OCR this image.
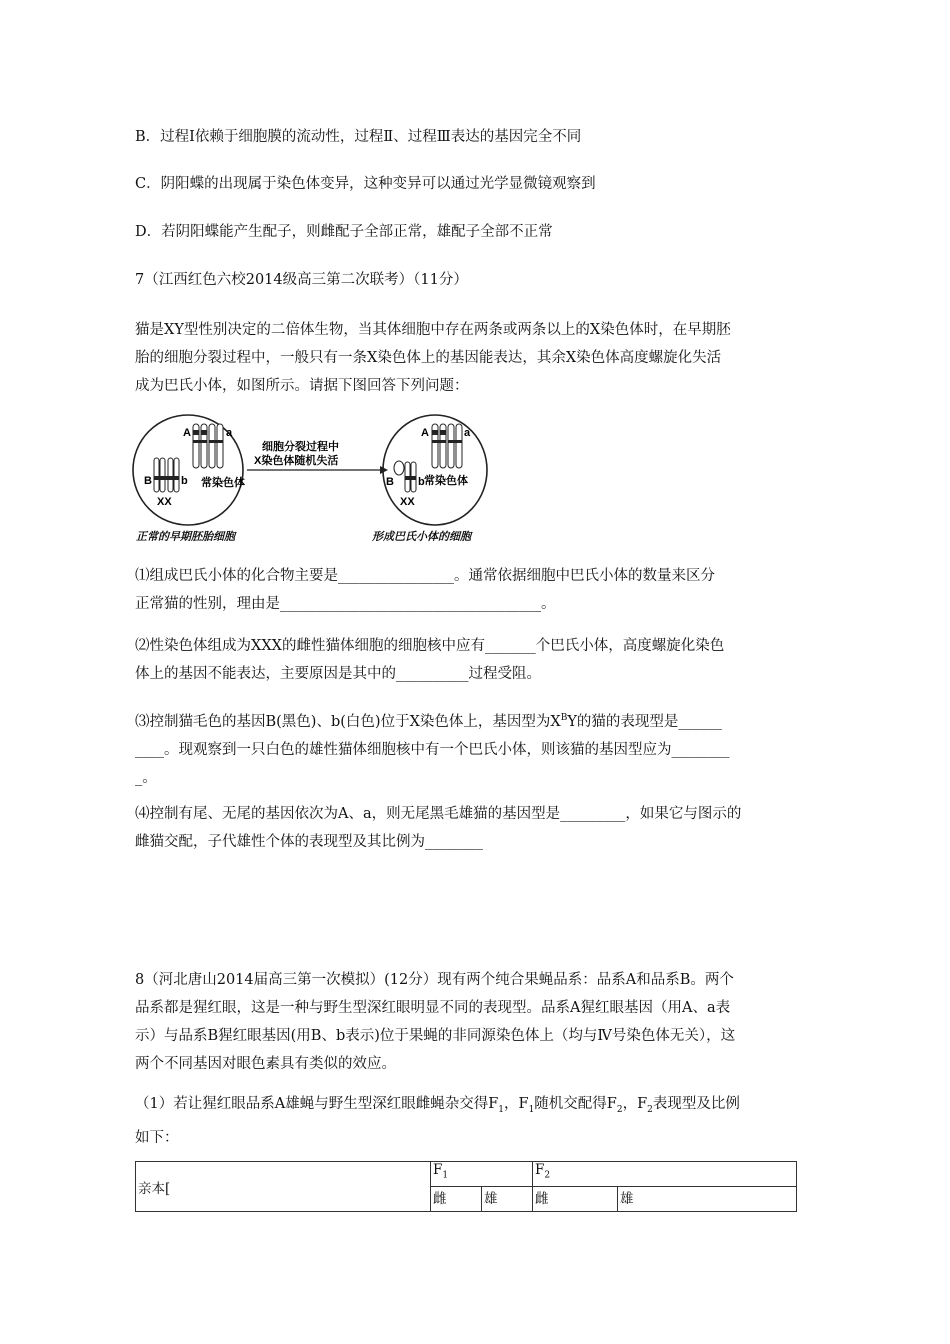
B．过程Ⅰ依赖于细胞膜的流动性，过程Ⅱ、过程Ⅲ表达的基因完全不同
C．阴阳蝶的出现属于染色体变异，这种变异可以通过光学显微镜观察到
D．若阴阳蝶能产生配子，则雌配子全部正常，雄配子全部不正常
7（江西红色六校2014级高三第二次联考）（11分）
猫是XY型性别决定的二倍体生物，当其体细胞中存在两条或两条以上的X染色体时，在早期胚
胎的细胞分裂过程中，一般只有一条X染色体上的基因能表达，其余X染色体高度螺旋化失活
成为巴氏小体，如图所示。请据下图回答下列问题：
A	a
B	b
XX
常染色体
A	a
B b
XX
常染色体
细胞分裂过程中
X染色体随机失活
正常的早期胚胎细胞	形成巴氏小体的细胞
⑴组成巴氏小体的化合物主要是________________。通常依据细胞中巴氏小体的数量来区分
正常猫的性别，理由是____________________________________。
⑵性染色体组成为XXX的雌性猫体细胞的细胞核中应有_______个巴氏小体，高度螺旋化染色
体上的基因不能表达，主要原因是其中的__________过程受阻。
⑶控制猫毛色的基因B(黑色)、b(白色)位于X染色体上，基因型为$X^BY$的猫的表现型是______
____。现观察到一只白色的雄性猫体细胞核中有一个巴氏小体，则该猫的基因型应为________
_。
⑷控制有尾、无尾的基因依次为A、a，则无尾黑毛雄猫的基因型是_________，如果它与图示的
雌猫交配，子代雄性个体的表现型及其比例为________
8（河北唐山2014届高三第一次模拟）(12分）现有两个纯合果蝇品系：品系A和品系B。两个
品系都是猩红眼，这是一种与野生型深红眼明显不同的表现型。品系A猩红眼基因（用A、a表
示）与品系B猩红眼基因(用B、b表示)位于果蝇的非同源染色体上（均与Ⅳ号染色体无关），这
两个不同基因对眼色素具有类似的效应。
（1）若让猩红眼品系A雄蝇与野生型深红眼雌蝇杂交得$F_1$，$F_1$随机交配得$F_2$，$F_2$表现型及比例
如下：
亲本[	$F_1$		$F_2$
	雌	雄	雌	雄
